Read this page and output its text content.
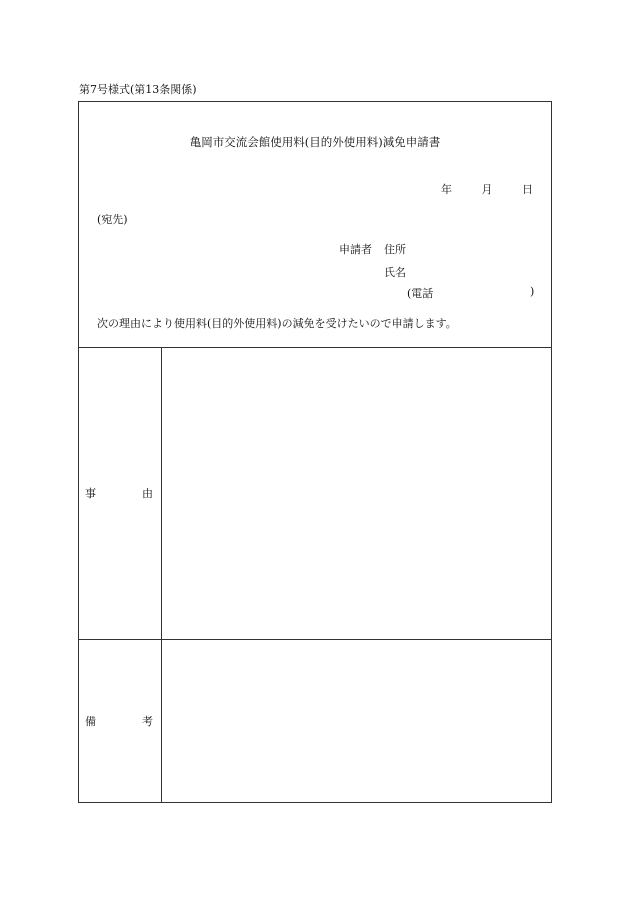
第7号様式(第13条関係)
亀岡市交流会館使用料(目的外使用料)減免申請書
年	月	日
(宛先)
申請者 住所
氏名
(電話	)
次の理由により使用料(目的外使用料)の減免を受けたいので申請します。
事	由
備	考
